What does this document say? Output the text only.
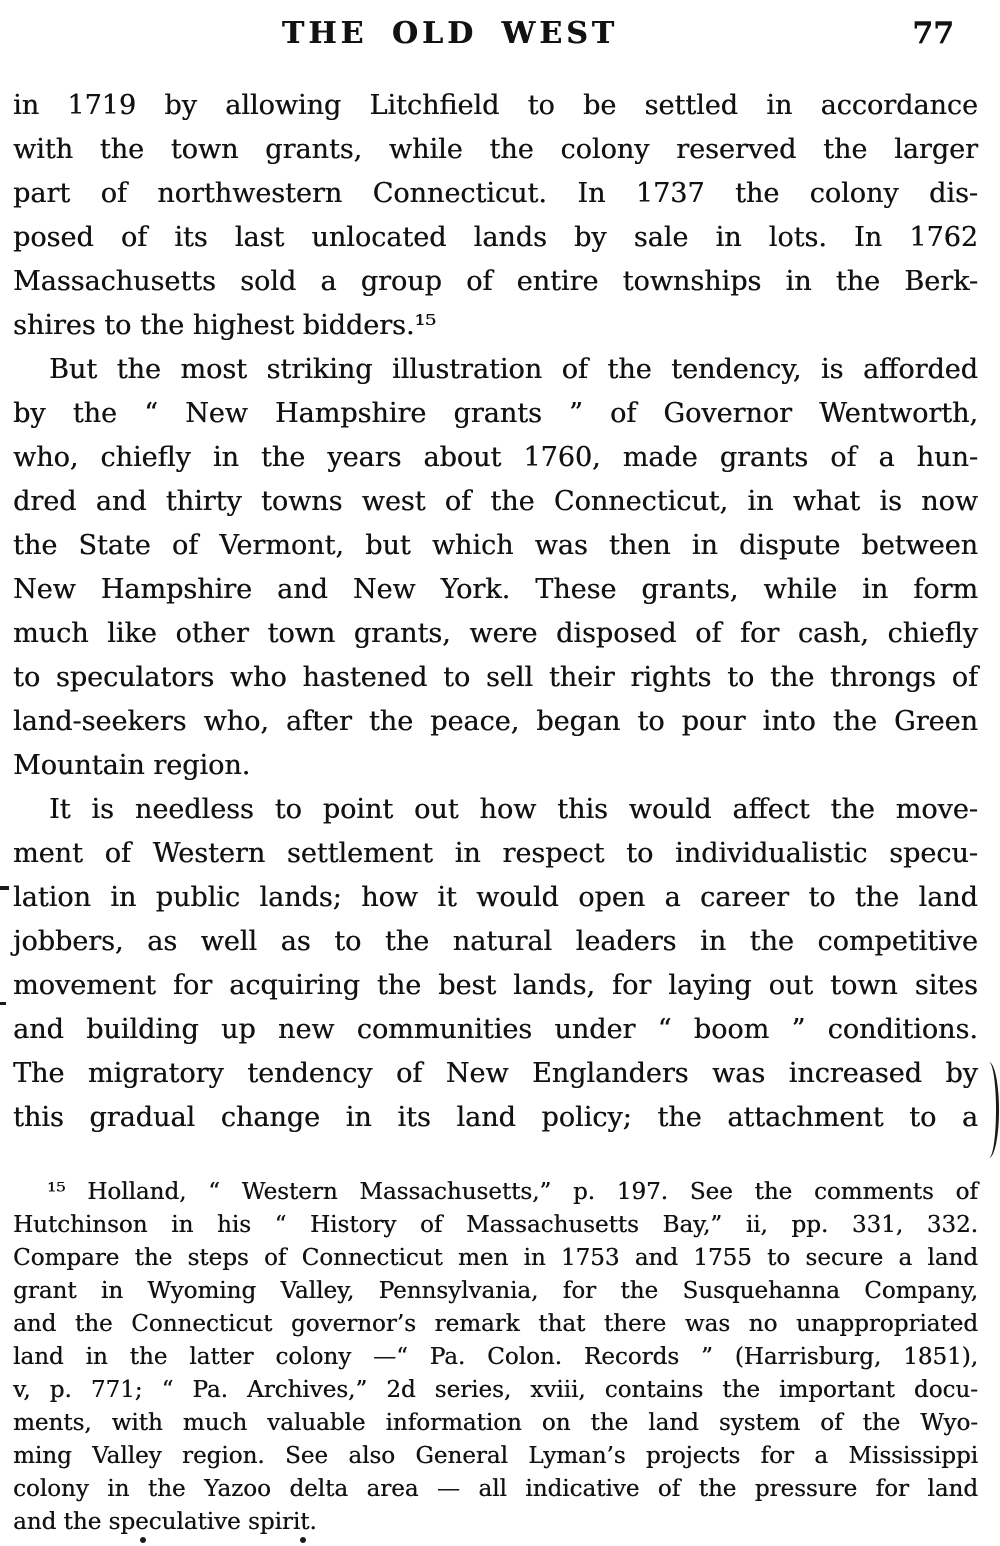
THE OLD WEST	77
in 1719 by allowing Litchfield to be settled in accordance
with the town grants, while the colony reserved the larger
part of northwestern Connecticut. In 1737 the colony dis-
posed of its last unlocated lands by sale in lots. In 1762
Massachusetts sold a group of entire townships in the Berk-
shires to the highest bidders.¹⁵
But the most striking illustration of the tendency, is afforded
by the “ New Hampshire grants ” of Governor Wentworth,
who, chiefly in the years about 1760, made grants of a hun-
dred and thirty towns west of the Connecticut, in what is now
the State of Vermont, but which was then in dispute between
New Hampshire and New York. These grants, while in form
much like other town grants, were disposed of for cash, chiefly
to speculators who hastened to sell their rights to the throngs of
land-seekers who, after the peace, began to pour into the Green
Mountain region.
It is needless to point out how this would affect the move-
ment of Western settlement in respect to individualistic specu-
lation in public lands; how it would open a career to the land
jobbers, as well as to the natural leaders in the competitive
movement for acquiring the best lands, for laying out town sites
and building up new communities under “ boom ” conditions.
The migratory tendency of New Englanders was increased by
this gradual change in its land policy; the attachment to a
¹⁵ Holland, “ Western Massachusetts,” p. 197. See the comments of
Hutchinson in his “ History of Massachusetts Bay,” ii, pp. 331, 332.
Compare the steps of Connecticut men in 1753 and 1755 to secure a land
grant in Wyoming Valley, Pennsylvania, for the Susquehanna Company,
and the Connecticut governor’s remark that there was no unappropriated
land in the latter colony —“ Pa. Colon. Records ” (Harrisburg, 1851),
v, p. 771; “ Pa. Archives,” 2d series, xviii, contains the important docu-
ments, with much valuable information on the land system of the Wyo-
ming Valley region. See also General Lyman’s projects for a Mississippi
colony in the Yazoo delta area — all indicative of the pressure for land
and the speculative spirit.
